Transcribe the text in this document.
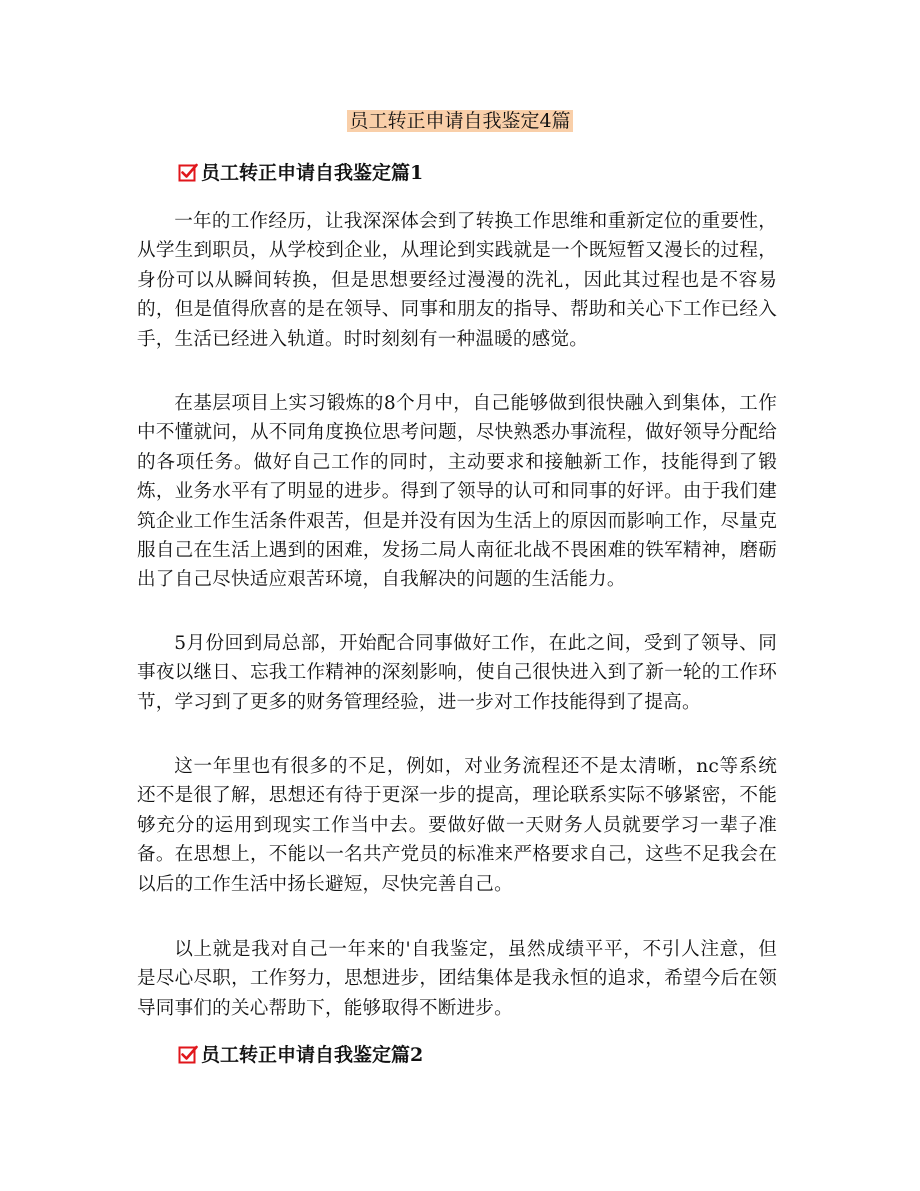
员工转正申请自我鉴定4篇
员工转正申请自我鉴定篇1

一年的工作经历，让我深深体会到了转换工作思维和重新定位的重要性，从学生到职员，从学校到企业，从理论到实践就是一个既短暂又漫长的过程，身份可以从瞬间转换，但是思想要经过漫漫的洗礼，因此其过程也是不容易的，但是值得欣喜的是在领导、同事和朋友的指导、帮助和关心下工作已经入手，生活已经进入轨道。时时刻刻有一种温暖的感觉。

在基层项目上实习锻炼的8个月中，自己能够做到很快融入到集体，工作中不懂就问，从不同角度换位思考问题，尽快熟悉办事流程，做好领导分配给的各项任务。做好自己工作的同时，主动要求和接触新工作，技能得到了锻炼，业务水平有了明显的进步。得到了领导的认可和同事的好评。由于我们建筑企业工作生活条件艰苦，但是并没有因为生活上的原因而影响工作，尽量克服自己在生活上遇到的困难，发扬二局人南征北战不畏困难的铁军精神，磨砺出了自己尽快适应艰苦环境，自我解决的问题的生活能力。

5月份回到局总部，开始配合同事做好工作，在此之间，受到了领导、同事夜以继日、忘我工作精神的深刻影响，使自己很快进入到了新一轮的工作环节，学习到了更多的财务管理经验，进一步对工作技能得到了提高。

这一年里也有很多的不足，例如，对业务流程还不是太清晰，nc等系统还不是很了解，思想还有待于更深一步的提高，理论联系实际不够紧密，不能够充分的运用到现实工作当中去。要做好做一天财务人员就要学习一辈子准备。在思想上，不能以一名共产党员的标准来严格要求自己，这些不足我会在以后的工作生活中扬长避短，尽快完善自己。

以上就是我对自己一年来的'自我鉴定，虽然成绩平平，不引人注意，但是尽心尽职，工作努力，思想进步，团结集体是我永恒的追求，希望今后在领导同事们的关心帮助下，能够取得不断进步。

员工转正申请自我鉴定篇2
